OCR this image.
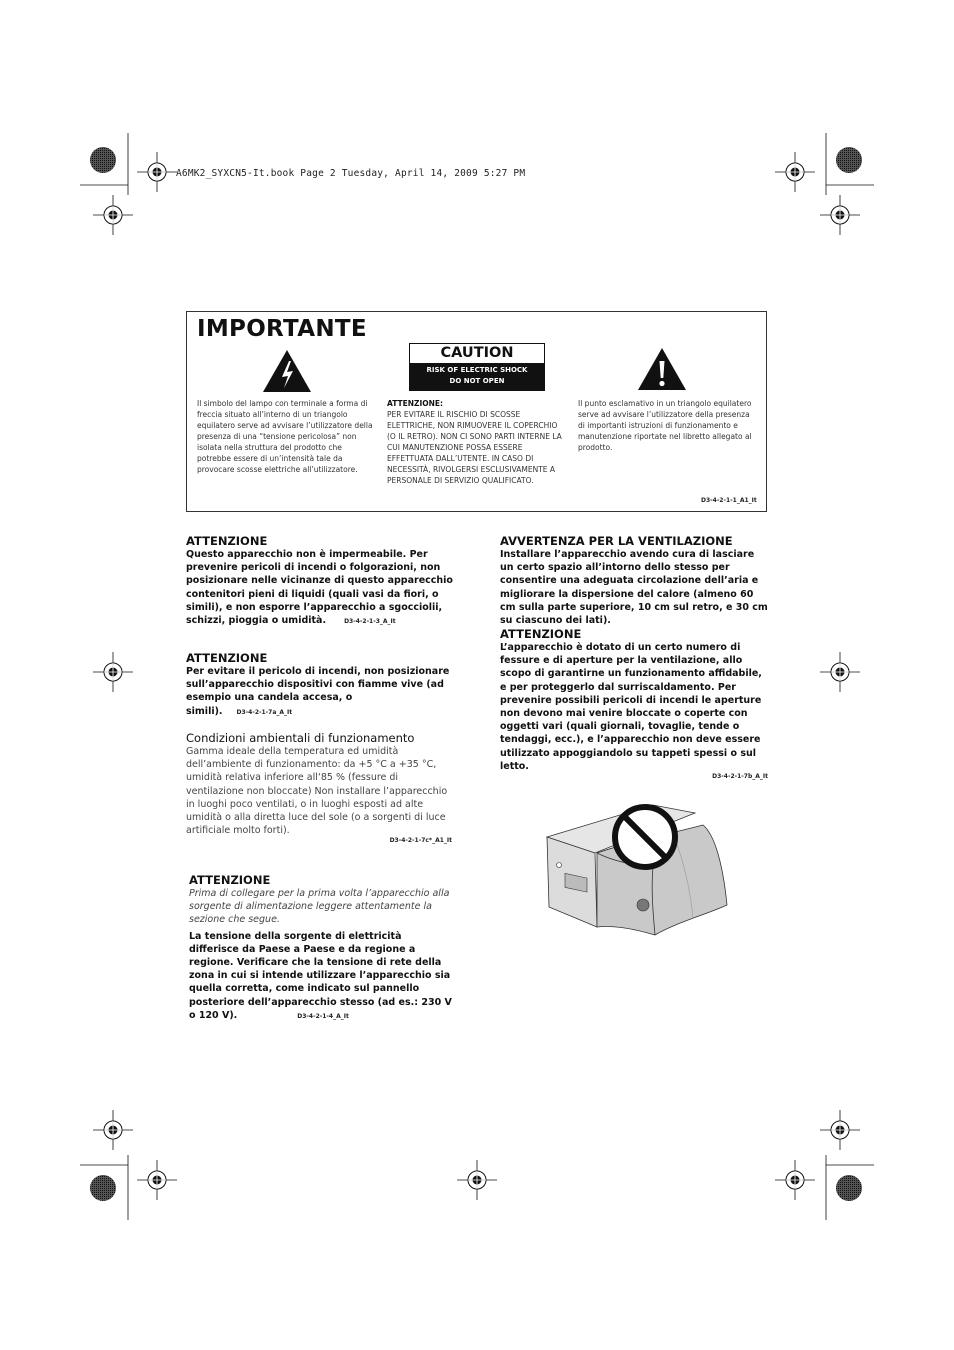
A6MK2_SYXCN5-It.book Page 2 Tuesday, April 14, 2009 5:27 PM
IMPORTANTE
CAUTION
RISK OF ELECTRIC SHOCK
DO NOT OPEN
Il simbolo del lampo con terminale a forma di freccia situato all’interno di un triangolo equilatero serve ad avvisare l’utilizzatore della presenza di una “tensione pericolosa” non isolata nella struttura del prodotto che potrebbe essere di un’intensità tale da provocare scosse elettriche all’utilizzatore.
ATTENZIONE:
PER EVITARE IL RISCHIO DI SCOSSE ELETTRICHE, NON RIMUOVERE IL COPERCHIO (O IL RETRO). NON CI SONO PARTI INTERNE LA CUI MANUTENZIONE POSSA ESSERE EFFETTUATA DALL’UTENTE. IN CASO DI NECESSITÀ, RIVOLGERSI ESCLUSIVAMENTE A PERSONALE DI SERVIZIO QUALIFICATO.
Il punto esclamativo in un triangolo equilatero serve ad avvisare l’utilizzatore della presenza di importanti istruzioni di funzionamento e manutenzione riportate nel libretto allegato al prodotto.
D3-4-2-1-1_A1_It
ATTENZIONE
Questo apparecchio non è impermeabile. Per prevenire pericoli di incendi o folgorazioni, non posizionare nelle vicinanze di questo apparecchio contenitori pieni di liquidi (quali vasi da fiori, o simili), e non esporre l’apparecchio a sgocciolii, schizzi, pioggia o umidità.	D3-4-2-1-3_A_It
ATTENZIONE
Per evitare il pericolo di incendi, non posizionare sull’apparecchio dispositivi con fiamme vive (ad esempio una candela accesa, o simili). D3-4-2-1-7a_A_It
Condizioni ambientali di funzionamento
Gamma ideale della temperatura ed umidità dell’ambiente di funzionamento: da +5 °C a +35 °C, umidità relativa inferiore all‘85 % (fessure di ventilazione non bloccate) Non installare l’apparecchio in luoghi poco ventilati, o in luoghi esposti ad alte umidità o alla diretta luce del sole (o a sorgenti di luce artificiale molto forti).
D3-4-2-1-7c*_A1_It
ATTENZIONE
Prima di collegare per la prima volta l’apparecchio alla sorgente di alimentazione leggere attentamente la sezione che segue.
La tensione della sorgente di elettricità differisce da Paese a Paese e da regione a regione. Verificare che la tensione di rete della zona in cui si intende utilizzare l’apparecchio sia quella corretta, come indicato sul pannello posteriore dell’apparecchio stesso (ad es.: 230 V o 120 V).	D3-4-2-1-4_A_It
AVVERTENZA PER LA VENTILAZIONE
Installare l’apparecchio avendo cura di lasciare un certo spazio all’intorno dello stesso per consentire una adeguata circolazione dell’aria e migliorare la dispersione del calore (almeno 60 cm sulla parte superiore, 10 cm sul retro, e 30 cm su ciascuno dei lati).
ATTENZIONE
L’apparecchio è dotato di un certo numero di fessure e di aperture per la ventilazione, allo scopo di garantirne un funzionamento affidabile, e per proteggerlo dal surriscaldamento. Per prevenire possibili pericoli di incendi le aperture non devono mai venire bloccate o coperte con oggetti vari (quali giornali, tovaglie, tende o tendaggi, ecc.), e l’apparecchio non deve essere utilizzato appoggiandolo su tappeti spessi o sul letto.
D3-4-2-1-7b_A_It
